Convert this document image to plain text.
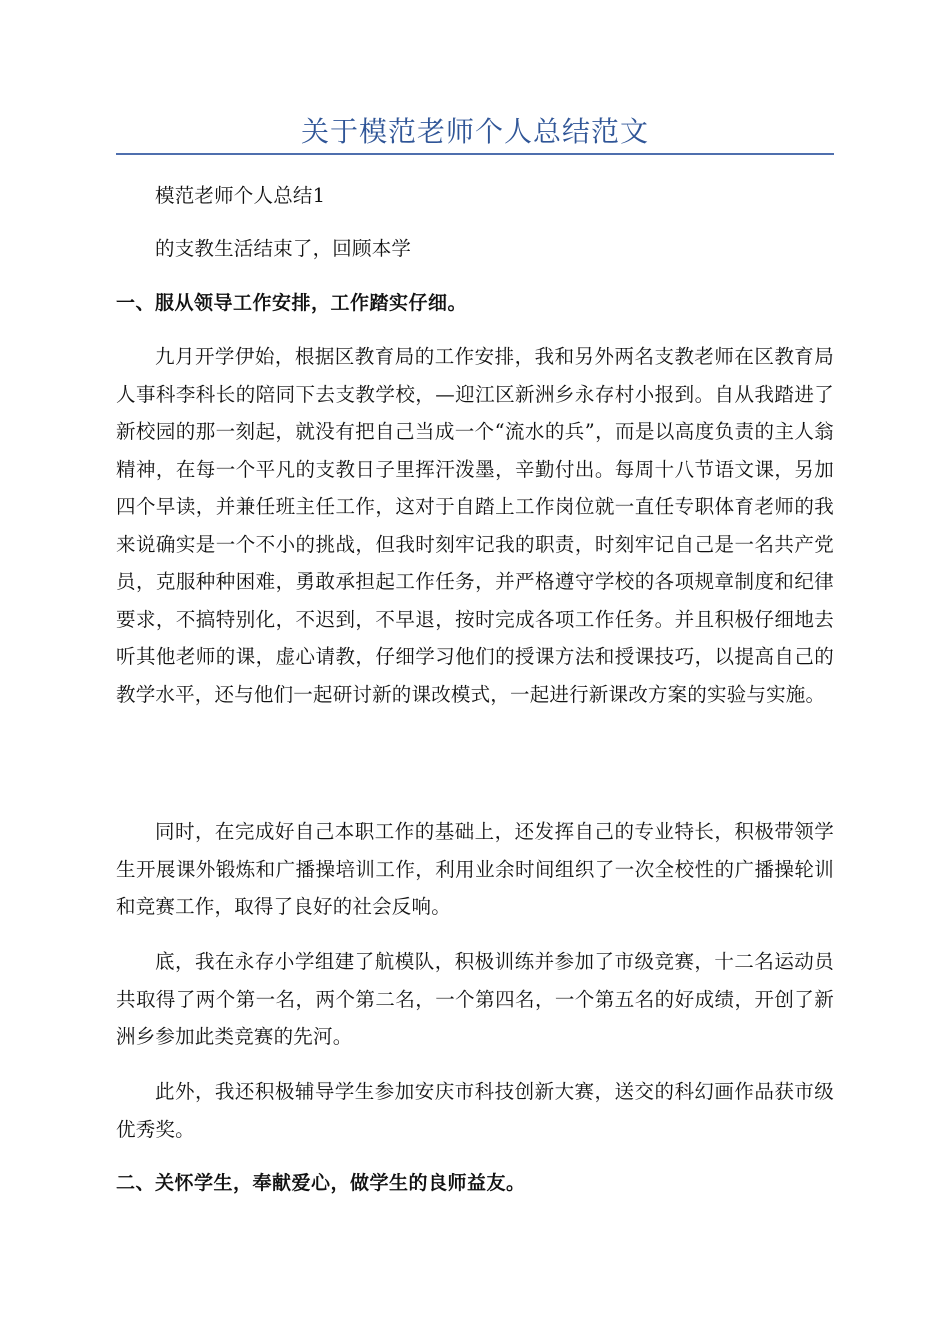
关于模范老师个人总结范文

模范老师个人总结1

的支教生活结束了，回顾本学

一、服从领导工作安排，工作踏实仔细。

九月开学伊始，根据区教育局的工作安排，我和另外两名支教老师在区教育局人事科李科长的陪同下去支教学校，—迎江区新洲乡永存村小报到。自从我踏进了新校园的那一刻起，就没有把自己当成一个“流水的兵”，而是以高度负责的主人翁精神，在每一个平凡的支教日子里挥汗泼墨，辛勤付出。每周十八节语文课，另加四个早读，并兼任班主任工作，这对于自踏上工作岗位就一直任专职体育老师的我来说确实是一个不小的挑战，但我时刻牢记我的职责，时刻牢记自己是一名共产党员，克服种种困难，勇敢承担起工作任务，并严格遵守学校的各项规章制度和纪律要求，不搞特别化，不迟到，不早退，按时完成各项工作任务。并且积极仔细地去听其他老师的课，虚心请教，仔细学习他们的授课方法和授课技巧，以提高自己的教学水平，还与他们一起研讨新的课改模式，一起进行新课改方案的实验与实施。

同时，在完成好自己本职工作的基础上，还发挥自己的专业特长，积极带领学生开展课外锻炼和广播操培训工作，利用业余时间组织了一次全校性的广播操轮训和竞赛工作，取得了良好的社会反响。

底，我在永存小学组建了航模队，积极训练并参加了市级竞赛，十二名运动员共取得了两个第一名，两个第二名，一个第四名，一个第五名的好成绩，开创了新洲乡参加此类竞赛的先河。

此外，我还积极辅导学生参加安庆市科技创新大赛，送交的科幻画作品获市级优秀奖。

二、关怀学生，奉献爱心，做学生的良师益友。
